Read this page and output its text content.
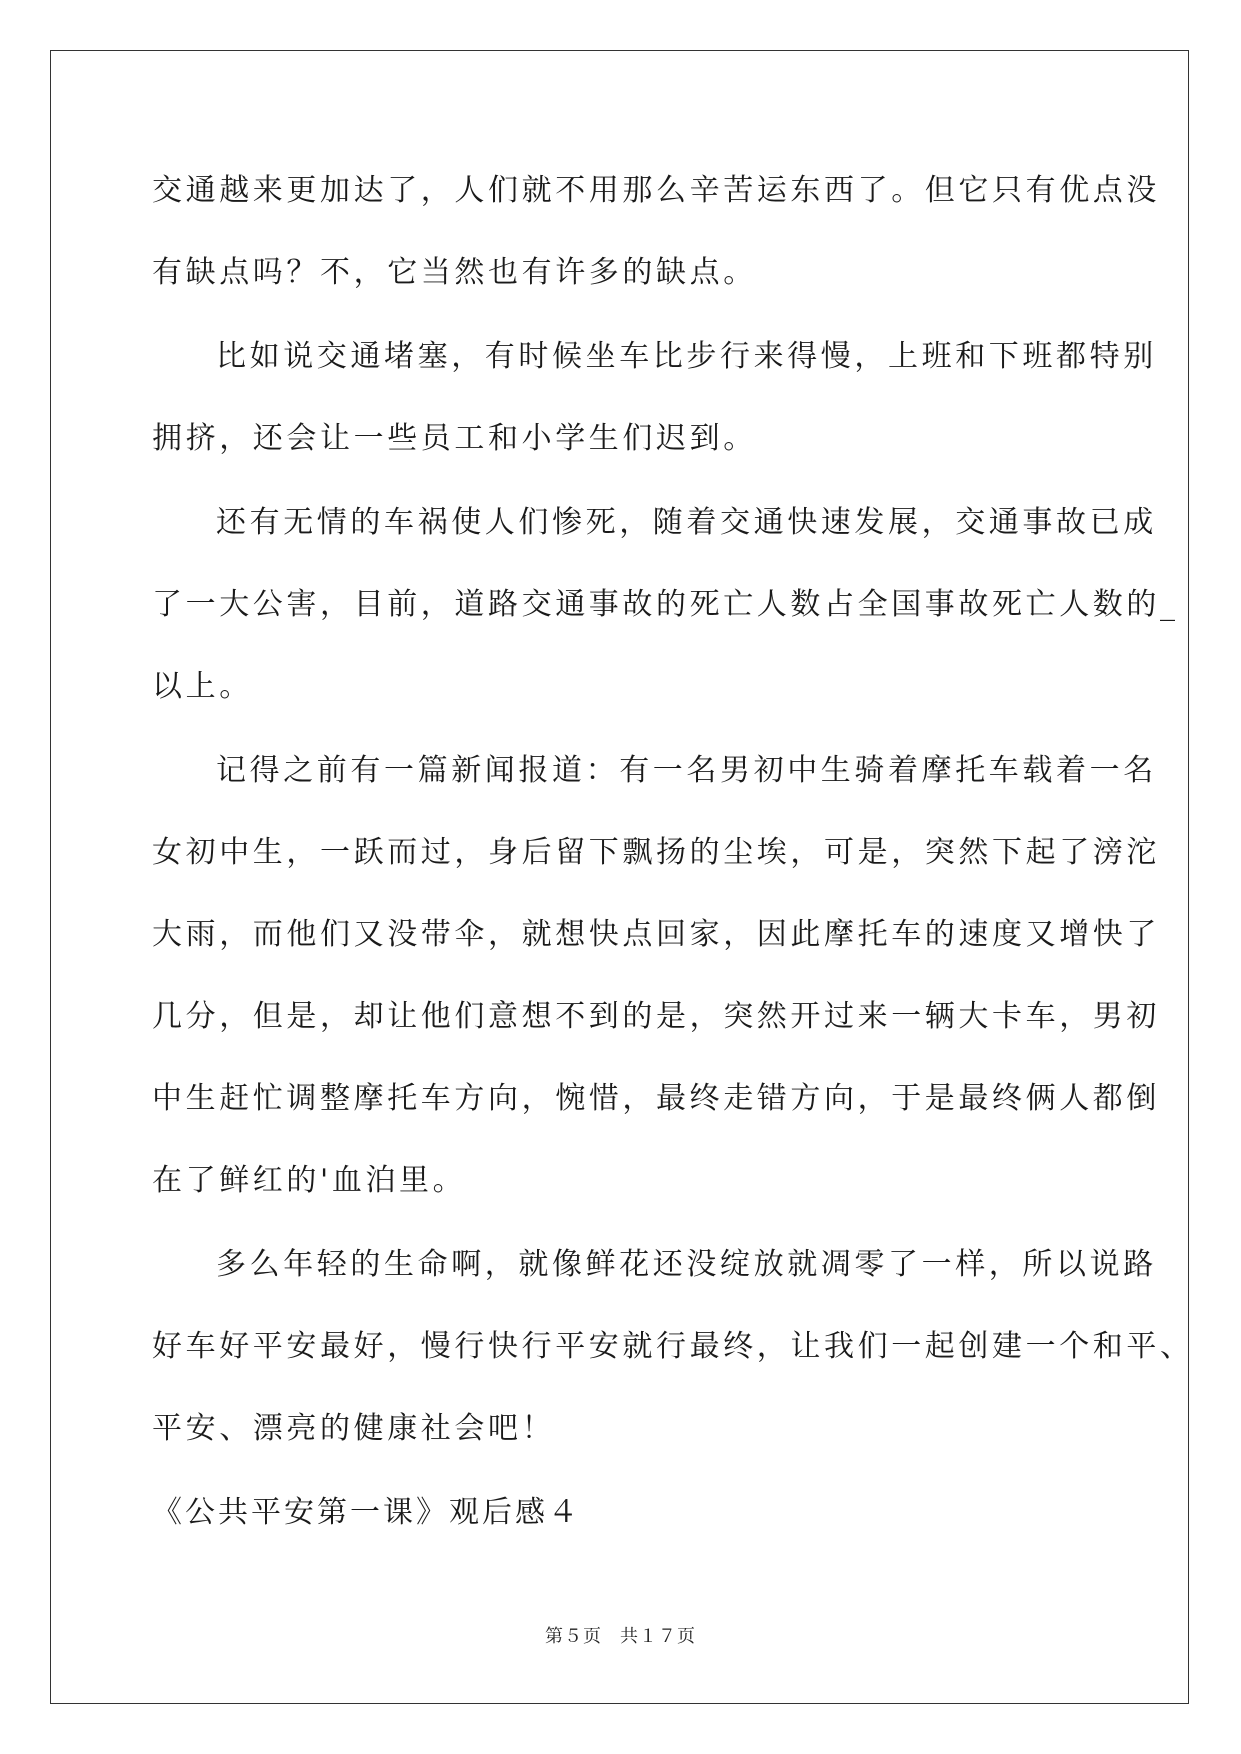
交通越来更加达了，人们就不用那么辛苦运东西了。但它只有优点没
有缺点吗？不，它当然也有许多的缺点。
比如说交通堵塞，有时候坐车比步行来得慢，上班和下班都特别
拥挤，还会让一些员工和小学生们迟到。
还有无情的车祸使人们惨死，随着交通快速发展，交通事故已成
了一大公害，目前，道路交通事故的死亡人数占全国事故死亡人数的_
以上。
记得之前有一篇新闻报道：有一名男初中生骑着摩托车载着一名
女初中生，一跃而过，身后留下飘扬的尘埃，可是，突然下起了滂沱
大雨，而他们又没带伞，就想快点回家，因此摩托车的速度又增快了
几分，但是，却让他们意想不到的是，突然开过来一辆大卡车，男初
中生赶忙调整摩托车方向，惋惜，最终走错方向，于是最终俩人都倒
在了鲜红的'血泊里。
多么年轻的生命啊，就像鲜花还没绽放就凋零了一样，所以说路
好车好平安最好，慢行快行平安就行最终，让我们一起创建一个和平、
平安、漂亮的健康社会吧！
《公共平安第一课》观后感４
第５页 共１７页
